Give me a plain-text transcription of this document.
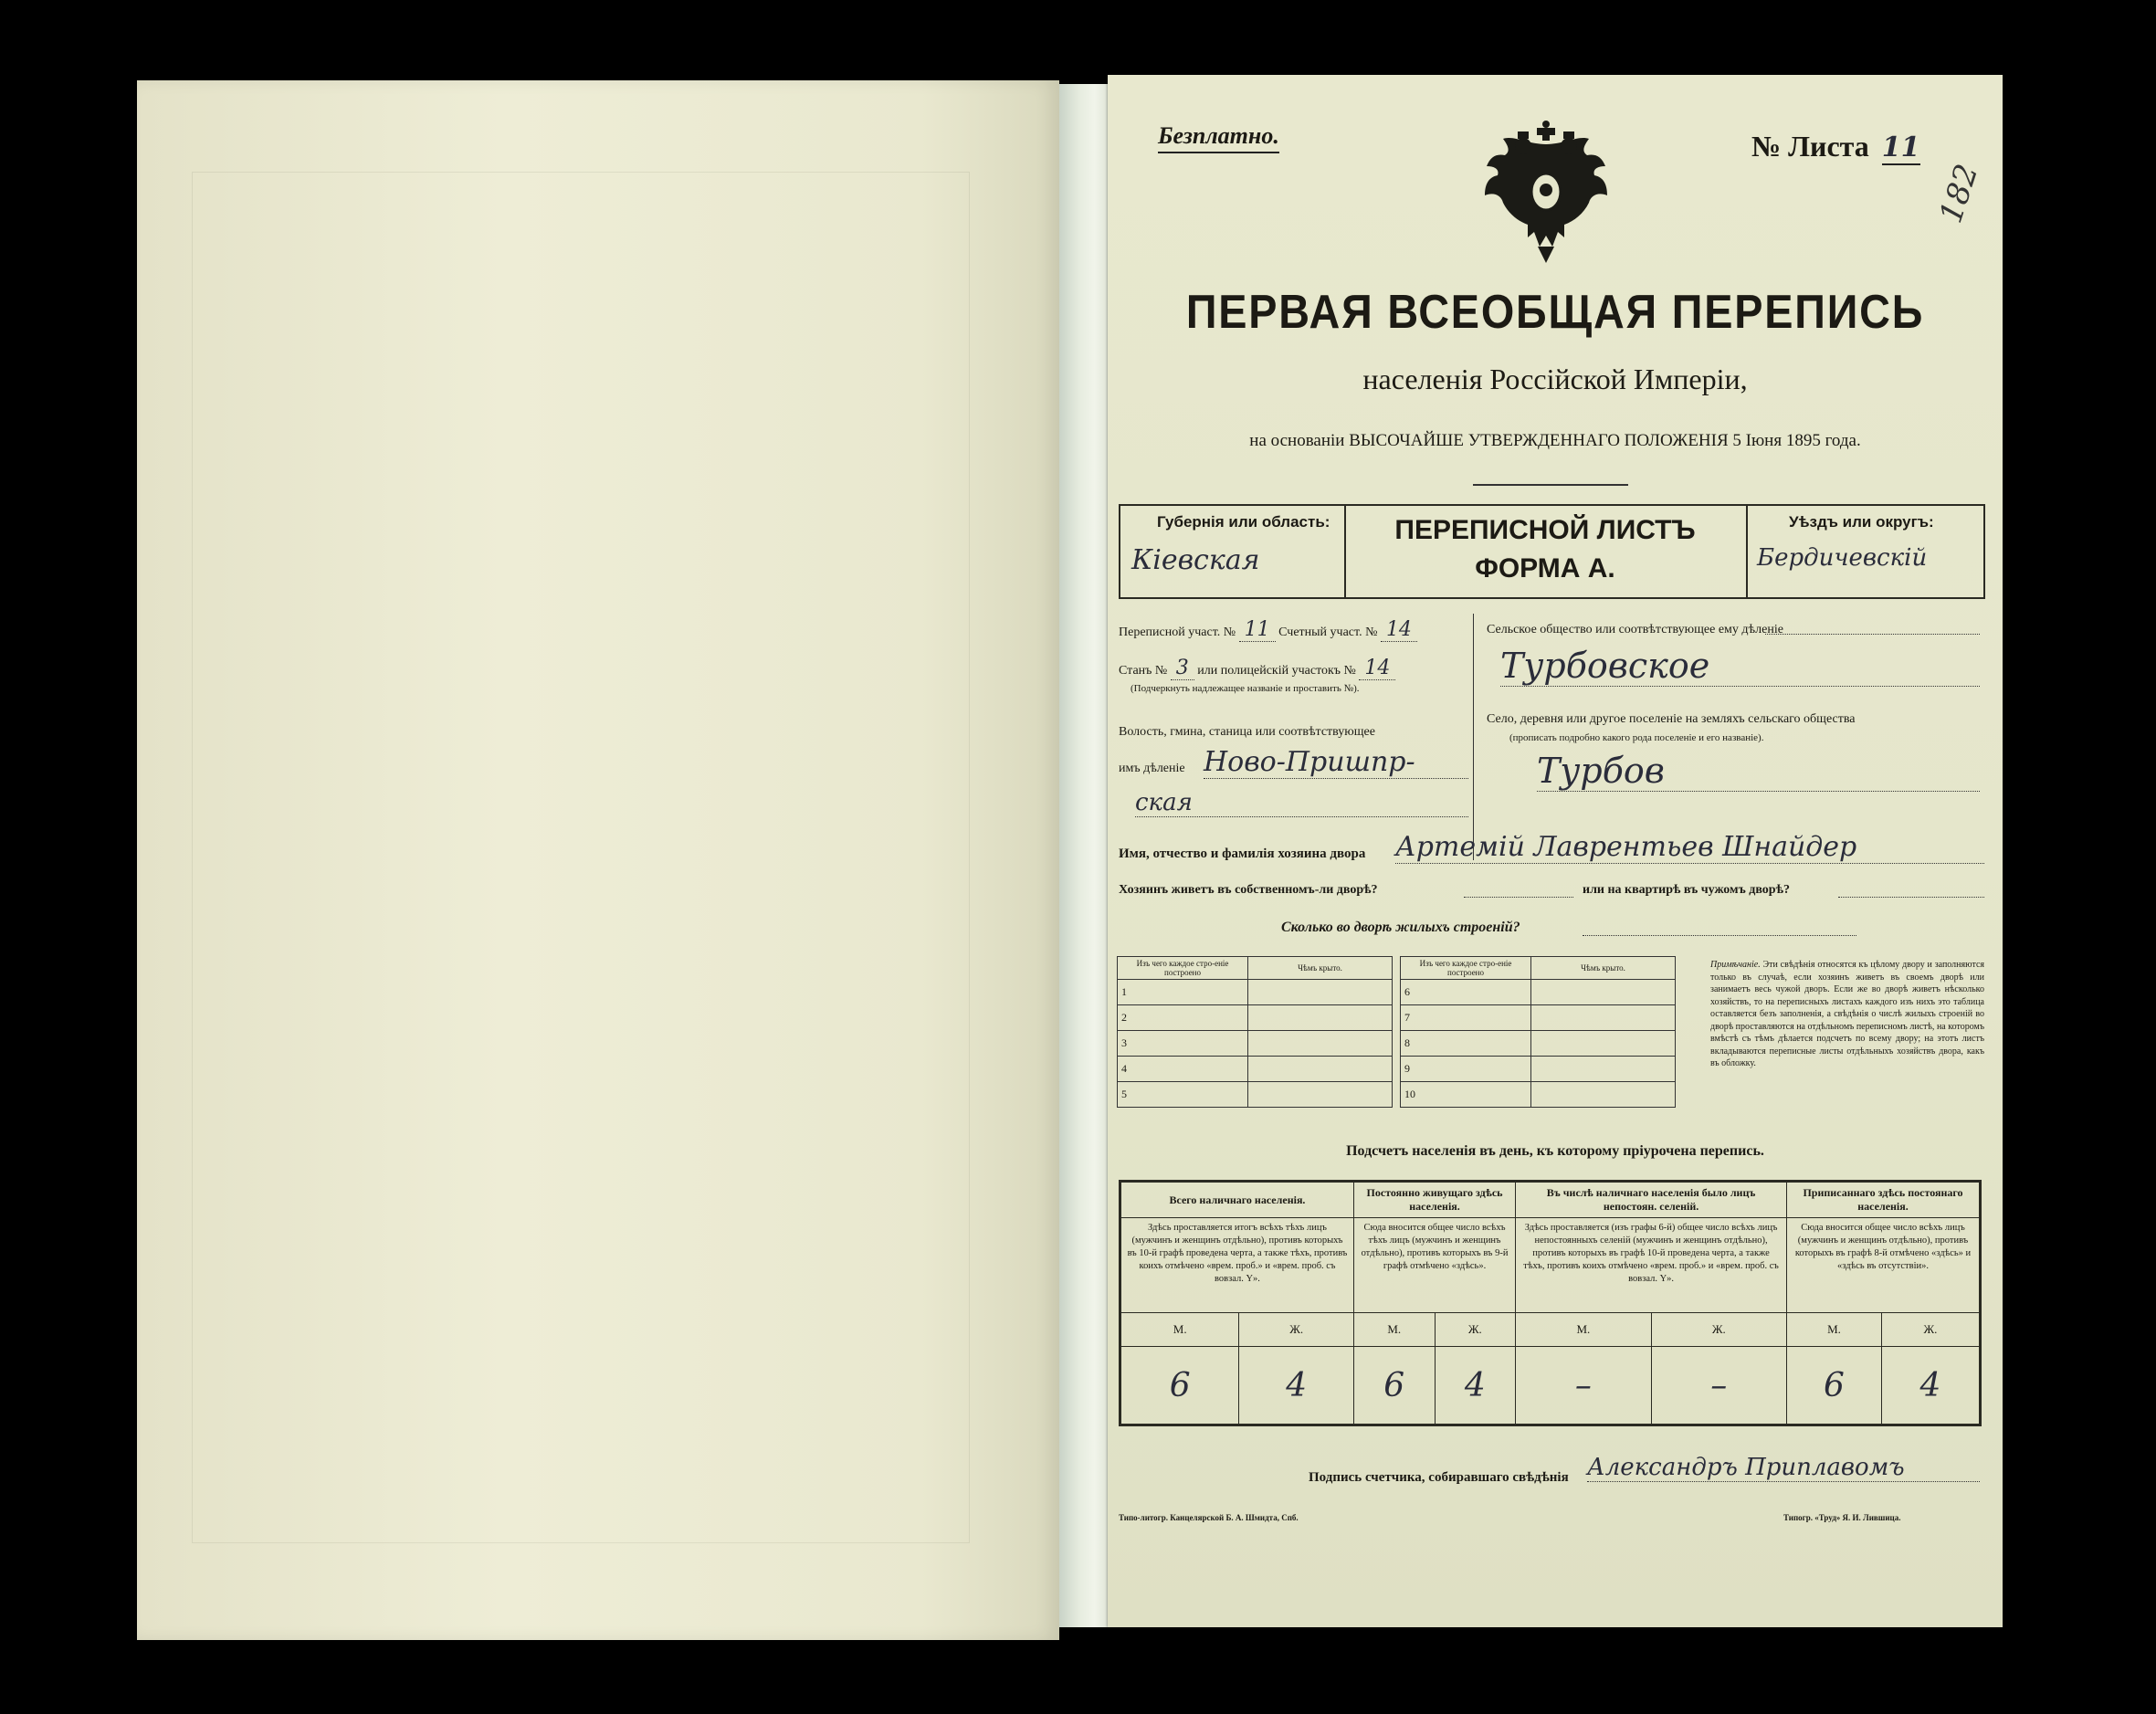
Безплатно.	№ Листа 11
182
ПЕРВАЯ ВСЕОБЩАЯ ПЕРЕПИСЬ
населенія Россійской Имперіи,
на основаніи ВЫСОЧАЙШЕ УТВЕРЖДЕННАГО ПОЛОЖЕНІЯ 5 Іюня 1895 года.
Губернія или область:
Кіевская
ПЕРЕПИСНОЙ ЛИСТЪ
ФОРМА А.
Уѣздъ или округъ:
Бердичевскій
Переписной участ. № 11 Счетный участ. № 14
Станъ № 3 или полицейскій участокъ № 14
(Подчеркнуть надлежащее названіе и проставить №).
Волость, гмина, станица или соотвѣтствующее
имъ дѣленіе Ново-Пришпр-
ская
Сельское общество или соотвѣтствующее ему дѣленіе
Турбовское
Село, деревня или другое поселеніе на земляхъ сельскаго общества
(прописать подробно какого рода поселеніе и его названіе).
Турбов
Имя, отчество и фамилія хозяина двора Артемій Лаврентьев Шнайдер
Хозяинъ живетъ въ собственномъ-ли дворѣ?	или на квартирѣ въ чужомъ дворѣ?
Сколько во дворѣ жилыхъ строеній?
Изъ чего каждое стро-еніе построено	Чѣмъ крыто.		Изъ чего каждое стро-еніе построено	Чѣмъ крыто.
1			6	
2			7	
3			8	
4			9	
5			10	
Примѣчаніе. Эти свѣдѣнія относятся къ цѣлому двору и заполняются только въ случаѣ, если хозяинъ живетъ въ своемъ дворѣ или занимаетъ весь чужой дворъ. Если же во дворѣ живетъ нѣсколько хозяйствъ, то на переписныхъ листахъ каждого изъ нихъ это таблица оставляется безъ заполненія, а свѣдѣнія о числѣ жилыхъ строеній во дворѣ проставляются на отдѣльномъ переписномъ листѣ, на которомъ вмѣстѣ съ тѣмъ дѣлается подсчетъ по всему двору; на этотъ листъ вкладываются переписные листы отдѣльныхъ хозяйствъ двора, какъ въ обложку.
Подсчетъ населенія въ день, къ которому пріурочена перепись.
Всего наличнаго населенія.		Постоянно живущаго здѣсь населенія.		Въ числѣ наличнаго населенія было лицъ непостоян. селеній.		Приписаннаго здѣсь постоянаго населенія.	
Здѣсь проставляется итогъ всѣхъ тѣхъ лицъ (мужчинъ и женщинъ отдѣльно), противъ которыхъ въ 10-й графѣ проведена черта, а также тѣхъ, противъ коихъ отмѣчено «врем. проб.» и «врем. проб. съ вовзал. Y».		Сюда вносится общее число всѣхъ тѣхъ лицъ (мужчинъ и женщинъ отдѣльно), противъ которыхъ въ 9-й графѣ отмѣчено «здѣсь».		Здѣсь проставляется (изъ графы 6-й) общее число всѣхъ лицъ непостоянныхъ селеній (мужчинъ и женщинъ отдѣльно), противъ которыхъ въ графѣ 10-й проведена черта, а также тѣхъ, противъ коихъ отмѣчено «врем. проб.» и «врем. проб. съ вовзал. Y».		Сюда вносится общее число всѣхъ лицъ (мужчинъ и женщинъ отдѣльно), противъ которыхъ въ графѣ 8-й отмѣчено «здѣсь» и «здѣсь въ отсутствіи».	
М.	Ж.	М.	Ж.	М.	Ж.	М.	Ж.
6	4	6	4	–	–	6	4
Подпись счетчика, собиравшаго свѣдѣнія Александръ Приплавомъ
Типо-литогр. Канцелярской Б. А. Шмидта, Спб.	Типогр. «Труд» Я. И. Лившица.
